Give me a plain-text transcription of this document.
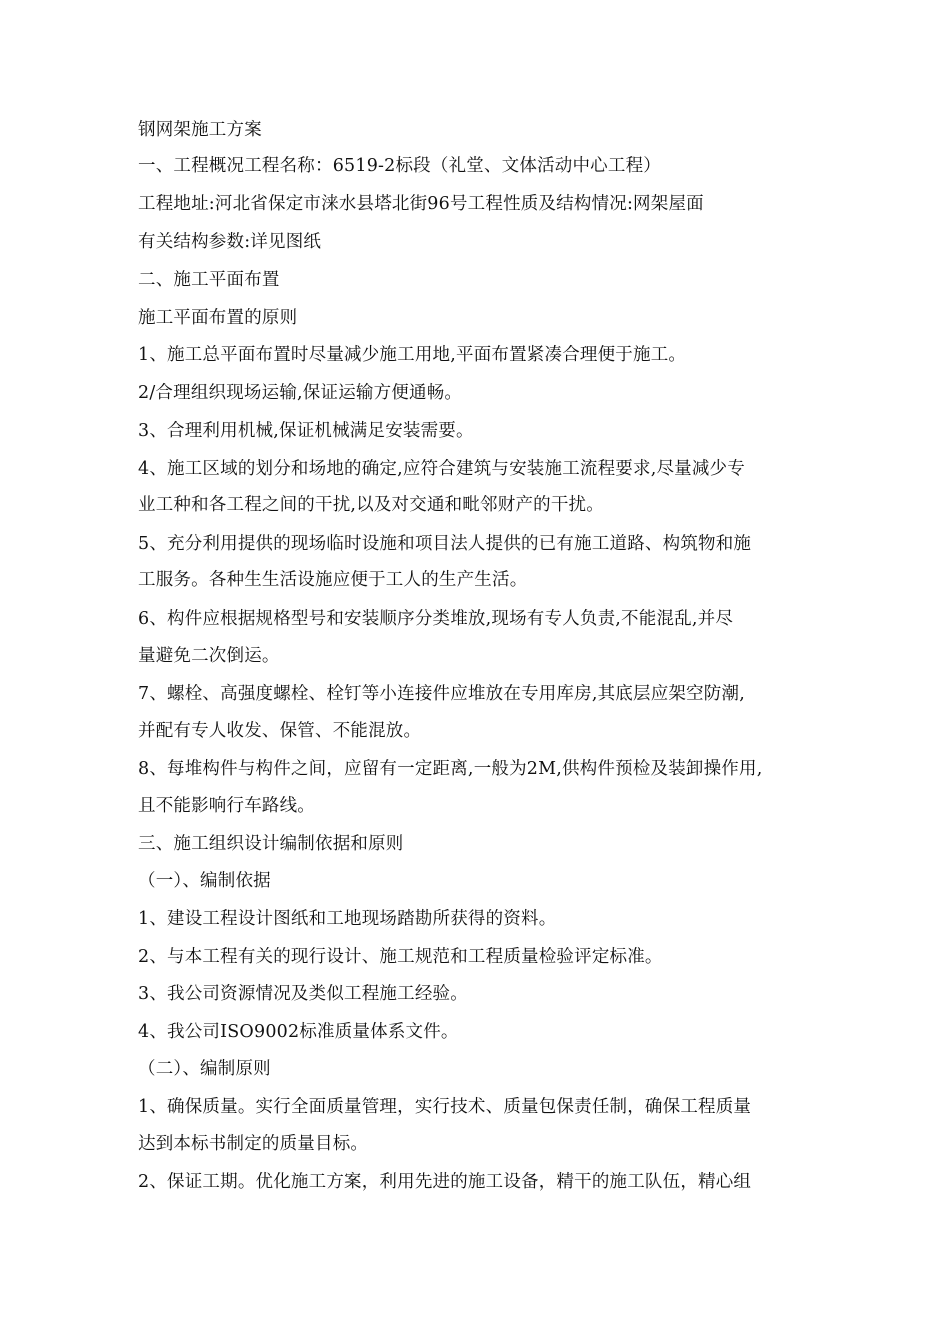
钢网架施工方案
一、工程概况工程名称：6519-2标段（礼堂、文体活动中心工程）
工程地址:河北省保定市涞水县塔北街96号工程性质及结构情况:网架屋面
有关结构参数:详见图纸
二、施工平面布置
施工平面布置的原则
1、施工总平面布置时尽量减少施工用地,平面布置紧凑合理便于施工。
2/合理组织现场运输,保证运输方便通畅。
3、合理利用机械,保证机械满足安装需要。
4、施工区域的划分和场地的确定,应符合建筑与安装施工流程要求,尽量减少专
业工种和各工程之间的干扰,以及对交通和毗邻财产的干扰。
5、充分利用提供的现场临时设施和项目法人提供的已有施工道路、构筑物和施
工服务。各种生生活设施应便于工人的生产生活。
6、构件应根据规格型号和安装顺序分类堆放,现场有专人负责,不能混乱,并尽
量避免二次倒运。
7、螺栓、高强度螺栓、栓钉等小连接件应堆放在专用库房,其底层应架空防潮,
并配有专人收发、保管、不能混放。
8、每堆构件与构件之间，应留有一定距离,一般为2M,供构件预检及装卸操作用,
且不能影响行车路线。
三、施工组织设计编制依据和原则
（一）、编制依据
1、建设工程设计图纸和工地现场踏勘所获得的资料。
2、与本工程有关的现行设计、施工规范和工程质量检验评定标准。
3、我公司资源情况及类似工程施工经验。
4、我公司ISO9002标准质量体系文件。
（二）、编制原则
1、确保质量。实行全面质量管理，实行技术、质量包保责任制，确保工程质量
达到本标书制定的质量目标。
2、保证工期。优化施工方案，利用先进的施工设备，精干的施工队伍，精心组
